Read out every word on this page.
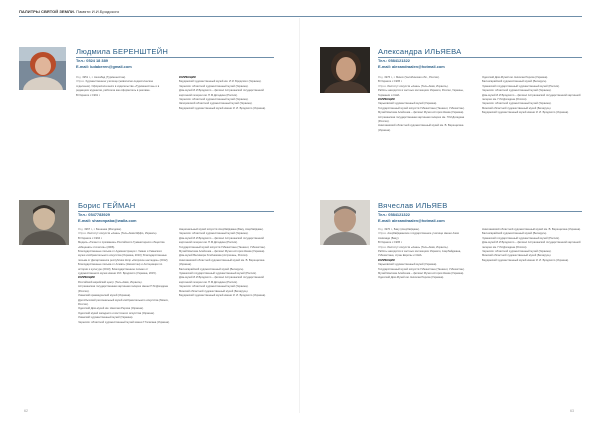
ПАЛИТРЫ СВЯТОЙ ЗЕМЛИ. Памяти И.И.Бродского
Людмила БЕРЕНШТЕЙН
Тел.: 0524 18 389
E-mail: ludaberen@gmail.com

Род. 1951 г., г. Ашхабад (Туркменистан).

Образ. Художественное училище (живописно-педагогическое отделение). Оформляла книги в издательстве «Туркменистан» и в редакциях журналов, работала как оформитель в рекламе.

В Израиле с 1991 г.

КОЛЛЕКЦИИ

Бердянский художественный музей им. И.И. Бродского (Украина).

Чернигов: областной художественный музей (Украина).

Дом-музей И.И.Бродского – филиал Астраханской государственной картинной галереи им. П.М.Догадина (Россия).

Чернигов: областной художественный музей (Украина).

Запорожский областной художественный музей (Украина).

Бердянский художественный музей имени И. И. Бродского (Украина).

Александра ИЛЬЯЕВА
Тел.: 0584121322
E-mail: alexandraalen@hotmail.com

Род. 1976 г., г. Минск (Челябинская обл., Россия).

В Израиле с 1995 г.

Образ. Институт искусств «Анан» (Тель-Авив, Израиль).

Работы находятся в частных коллекциях Израиля, России, Украины, Германии и США.

КОЛЛЕКЦИИ

Харьковский художественный музей (Украина).

Государственный музей искусств Узбекистана (Ташкент, Узбекистан).

Музей Шалома Алейхема – филиал Музея истории Киева (Украина).

Астраханская государственная картинная галерея им. П.М.Догадина (Россия).

Николаевский областной художественный музей им. В. Верещагина (Украина).

Одесский Дом-Музей им. Николая Рериха (Украина).

Бахчисарайский художественный музей (Беларусь).

Чувашский государственный художественный музей (Россия).

Чернигов: областной художественный музей (Украина).

Дом-музей И.И.Бродского – филиал Астраханской государственной картинной галереи им. П.М.Догадина (Россия).

Чернигов: областной художественный музей (Украина).

Минский областной художественный музей (Беларусь).

Бердянский художественный музей имени И. И. Бродского (Украина).

Борис ГЕЙМАН
Тел.: 0547783929
E-mail: sharonpaba@walla.com

Род. 1967 г., г. Бешенка (Молдова).

Образ. Институт искусств «Анан» (Тель-Авив-Яффо, Израиль).

В Израиле с 1994 г.

Медаль «Талант и призвание» Российского Гуманитарного общества «Меценаты столетия» (2006).

Благодарственные письма от Администрации г. Умани и Уманского музея изобразительного искусства (Украина, 2010); Благодарственные письма от Департамента республики Кипр «Кипрское наследие» (2012); Благодарственные письма от Алматы (Казахстан) и Ассоциации по истории и культуре (2013); Благодарственное письмо от художественного музея имени И.И. Бродского (Украина, 2015).

КОЛЛЕКЦИИ

Российский еврейский центр (Тель-Авив, Израиль).

Астраханская государственная картинная галерея имени П.М.Догадина (Россия).

Уманский краеведческий музей (Украина).

Дрогобычский региональный музей изобразительного искусства (Минск, Россия).

Одесский Дом-музей им. Николая Рериха (Украина).

Одесский музей западного и восточного искусства (Украина).

Уманский художественный музей (Украина).

Чернигов: областной художественный музей имени Г.Галагана (Украина).

Национальный музей искусств Азербайджана (Баку, Азербайджан).

Чернигов: областной художественный музей (Украина).

Дом-музей И.И.Бродского – филиал Астраханской государственной картинной галереи им. П.М.Догадина (Россия).

Государственный музей искусств Узбекистана (Ташкент, Узбекистан).

Музей Шалома Алейхема – филиал Музея истории Киева (Украина).

Дом-музей Велимира Хлебникова (Астрахань, Россия).

Николаевский областной художественный музей им. В. Верещагина (Украина).

Бахчисарайский художественный музей (Беларусь).

Чувашский государственный художественный музей (Россия).

Дом-музей И.И.Бродского – филиал Астраханской государственной картинной галереи им. П.М.Догадина (Россия).

Чернигов: областной художественный музей (Украина).

Минский областной художественный музей (Беларусь).

Бердянский художественный музей имени И. И. Бродского (Украина).

Вячеслав ИЛЬЯЕВ
Тел.: 0584121322
E-mail: alexandraalen@hotmail.com

Род. 1970 г., Баку (Азербайджан).

Образ. Азербайджанское государственное училище имени Азим Азимзаде (Баку).

В Израиле с 1995 г.

Образ. Институт искусств «Анан» (Тель-Авив, Израиль).

Работы находятся в частных коллекциях Израиля, Азербайджана, Узбекистана, стран Европы и США.

КОЛЛЕКЦИИ

Харьковский художественный музей (Украина).

Государственный музей искусств Узбекистана (Ташкент, Узбекистан).

Музей Шалома Алейхема – филиал Музея истории Киева (Украина).

Одесский Дом-Музей им. Николая Рериха (Украина).

Николаевский областной художественный музей им. В. Верещагина (Украина).

Бахчисарайский художественный музей (Беларусь).

Чувашский государственный художественный музей (Россия).

Дом-музей И.И.Бродского – филиал Астраханской государственной картинной галереи им. П.М.Догадина (Россия).

Чернигов: областной художественный музей (Украина).

Минский областной художественный музей (Беларусь).

Бердянский художественный музей имени И. И. Бродского (Украина).

62	63
